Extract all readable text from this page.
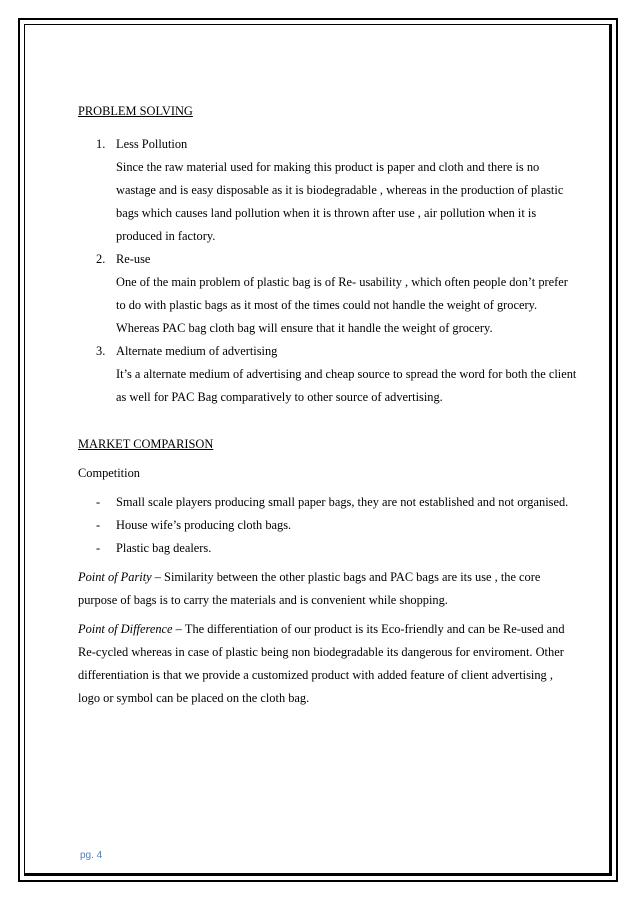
PROBLEM SOLVING

1. Less Pollution
Since the raw material used for making this product is paper and cloth and there is no wastage and is easy disposable as it is biodegradable , whereas in the production of plastic bags which causes land pollution when it is thrown after use , air pollution when it is produced in factory.
2. Re-use
One of the main problem of plastic bag is of Re- usability , which often people don’t prefer to do with plastic bags as it most of the times could not handle the weight of grocery. Whereas PAC bag cloth bag will ensure that it handle the weight of grocery.
3. Alternate medium of advertising
It’s a alternate medium of advertising and cheap source to spread the word for both the client as well for PAC Bag comparatively to other source of advertising.

MARKET COMPARISON

Competition

- Small scale players producing small paper bags, they are not established and not organised.
- House wife’s producing cloth bags.
- Plastic bag dealers.

Point of Parity – Similarity between the other plastic bags and PAC bags are its use , the core purpose of bags is to carry the materials and is convenient while shopping.

Point of Difference – The differentiation of our product is its Eco-friendly and can be Re-used and Re-cycled whereas in case of plastic being non biodegradable its dangerous for enviroment. Other differentiation is that we provide a customized product with added feature of client advertising , logo or symbol can be placed on the cloth bag.

pg. 4
